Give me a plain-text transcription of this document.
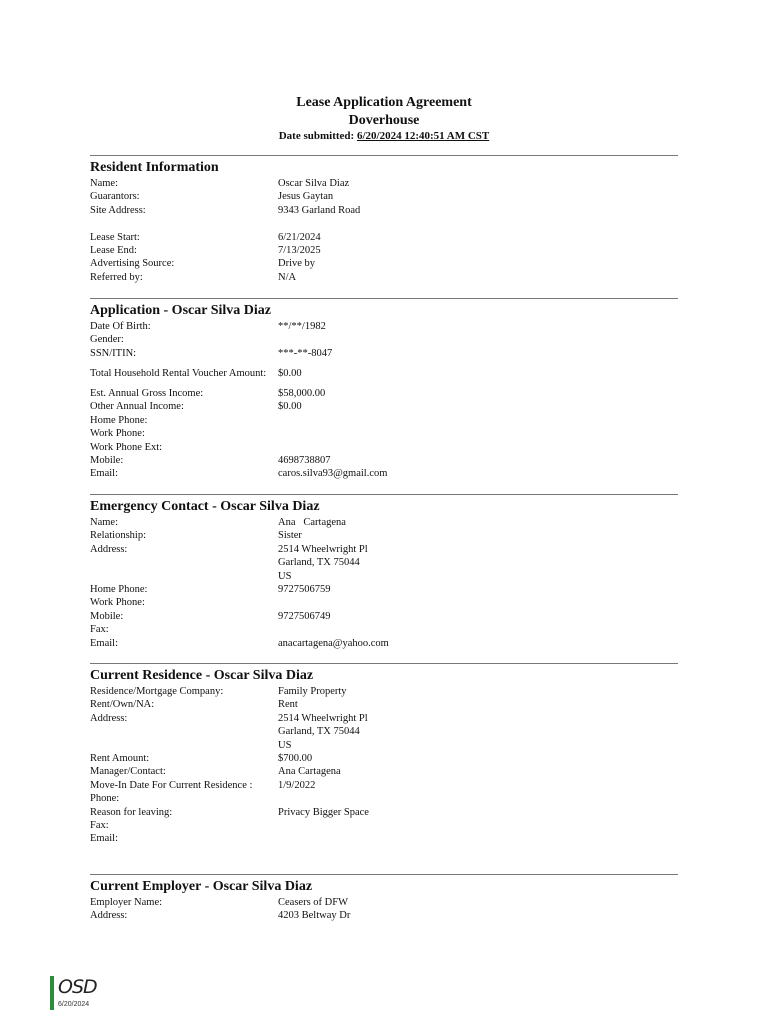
Lease Application Agreement
Doverhouse
Date submitted: 6/20/2024 12:40:51 AM CST
Resident Information
Name:	Oscar Silva Diaz
Guarantors:	Jesus Gaytan
Site Address:	9343 Garland Road
Lease Start:	6/21/2024
Lease End:	7/13/2025
Advertising Source:	Drive by
Referred by:	N/A
Application - Oscar Silva Diaz
Date Of Birth:	**/**/1982
Gender:
SSN/ITIN:	***-**-8047
Total Household Rental Voucher Amount:	$0.00
Est. Annual Gross Income:	$58,000.00
Other Annual Income:	$0.00
Home Phone:
Work Phone:
Work Phone Ext:
Mobile:	4698738807
Email:	caros.silva93@gmail.com
Emergency Contact - Oscar Silva Diaz
Name:	Ana   Cartagena
Relationship:	Sister
Address:	2514 Wheelwright Pl
Garland, TX 75044
US
Home Phone:	9727506759
Work Phone:
Mobile:	9727506749
Fax:
Email:	anacartagena@yahoo.com
Current Residence - Oscar Silva Diaz
Residence/Mortgage Company:	Family Property
Rent/Own/NA:	Rent
Address:	2514 Wheelwright Pl
Garland, TX 75044
US
Rent Amount:	$700.00
Manager/Contact:	Ana Cartagena
Move-In Date For Current Residence :	1/9/2022
Phone:
Reason for leaving:	Privacy Bigger Space
Fax:
Email:
Current Employer - Oscar Silva Diaz
Employer Name:	Ceasers of DFW
Address:	4203 Beltway Dr
OSD
6/20/2024
